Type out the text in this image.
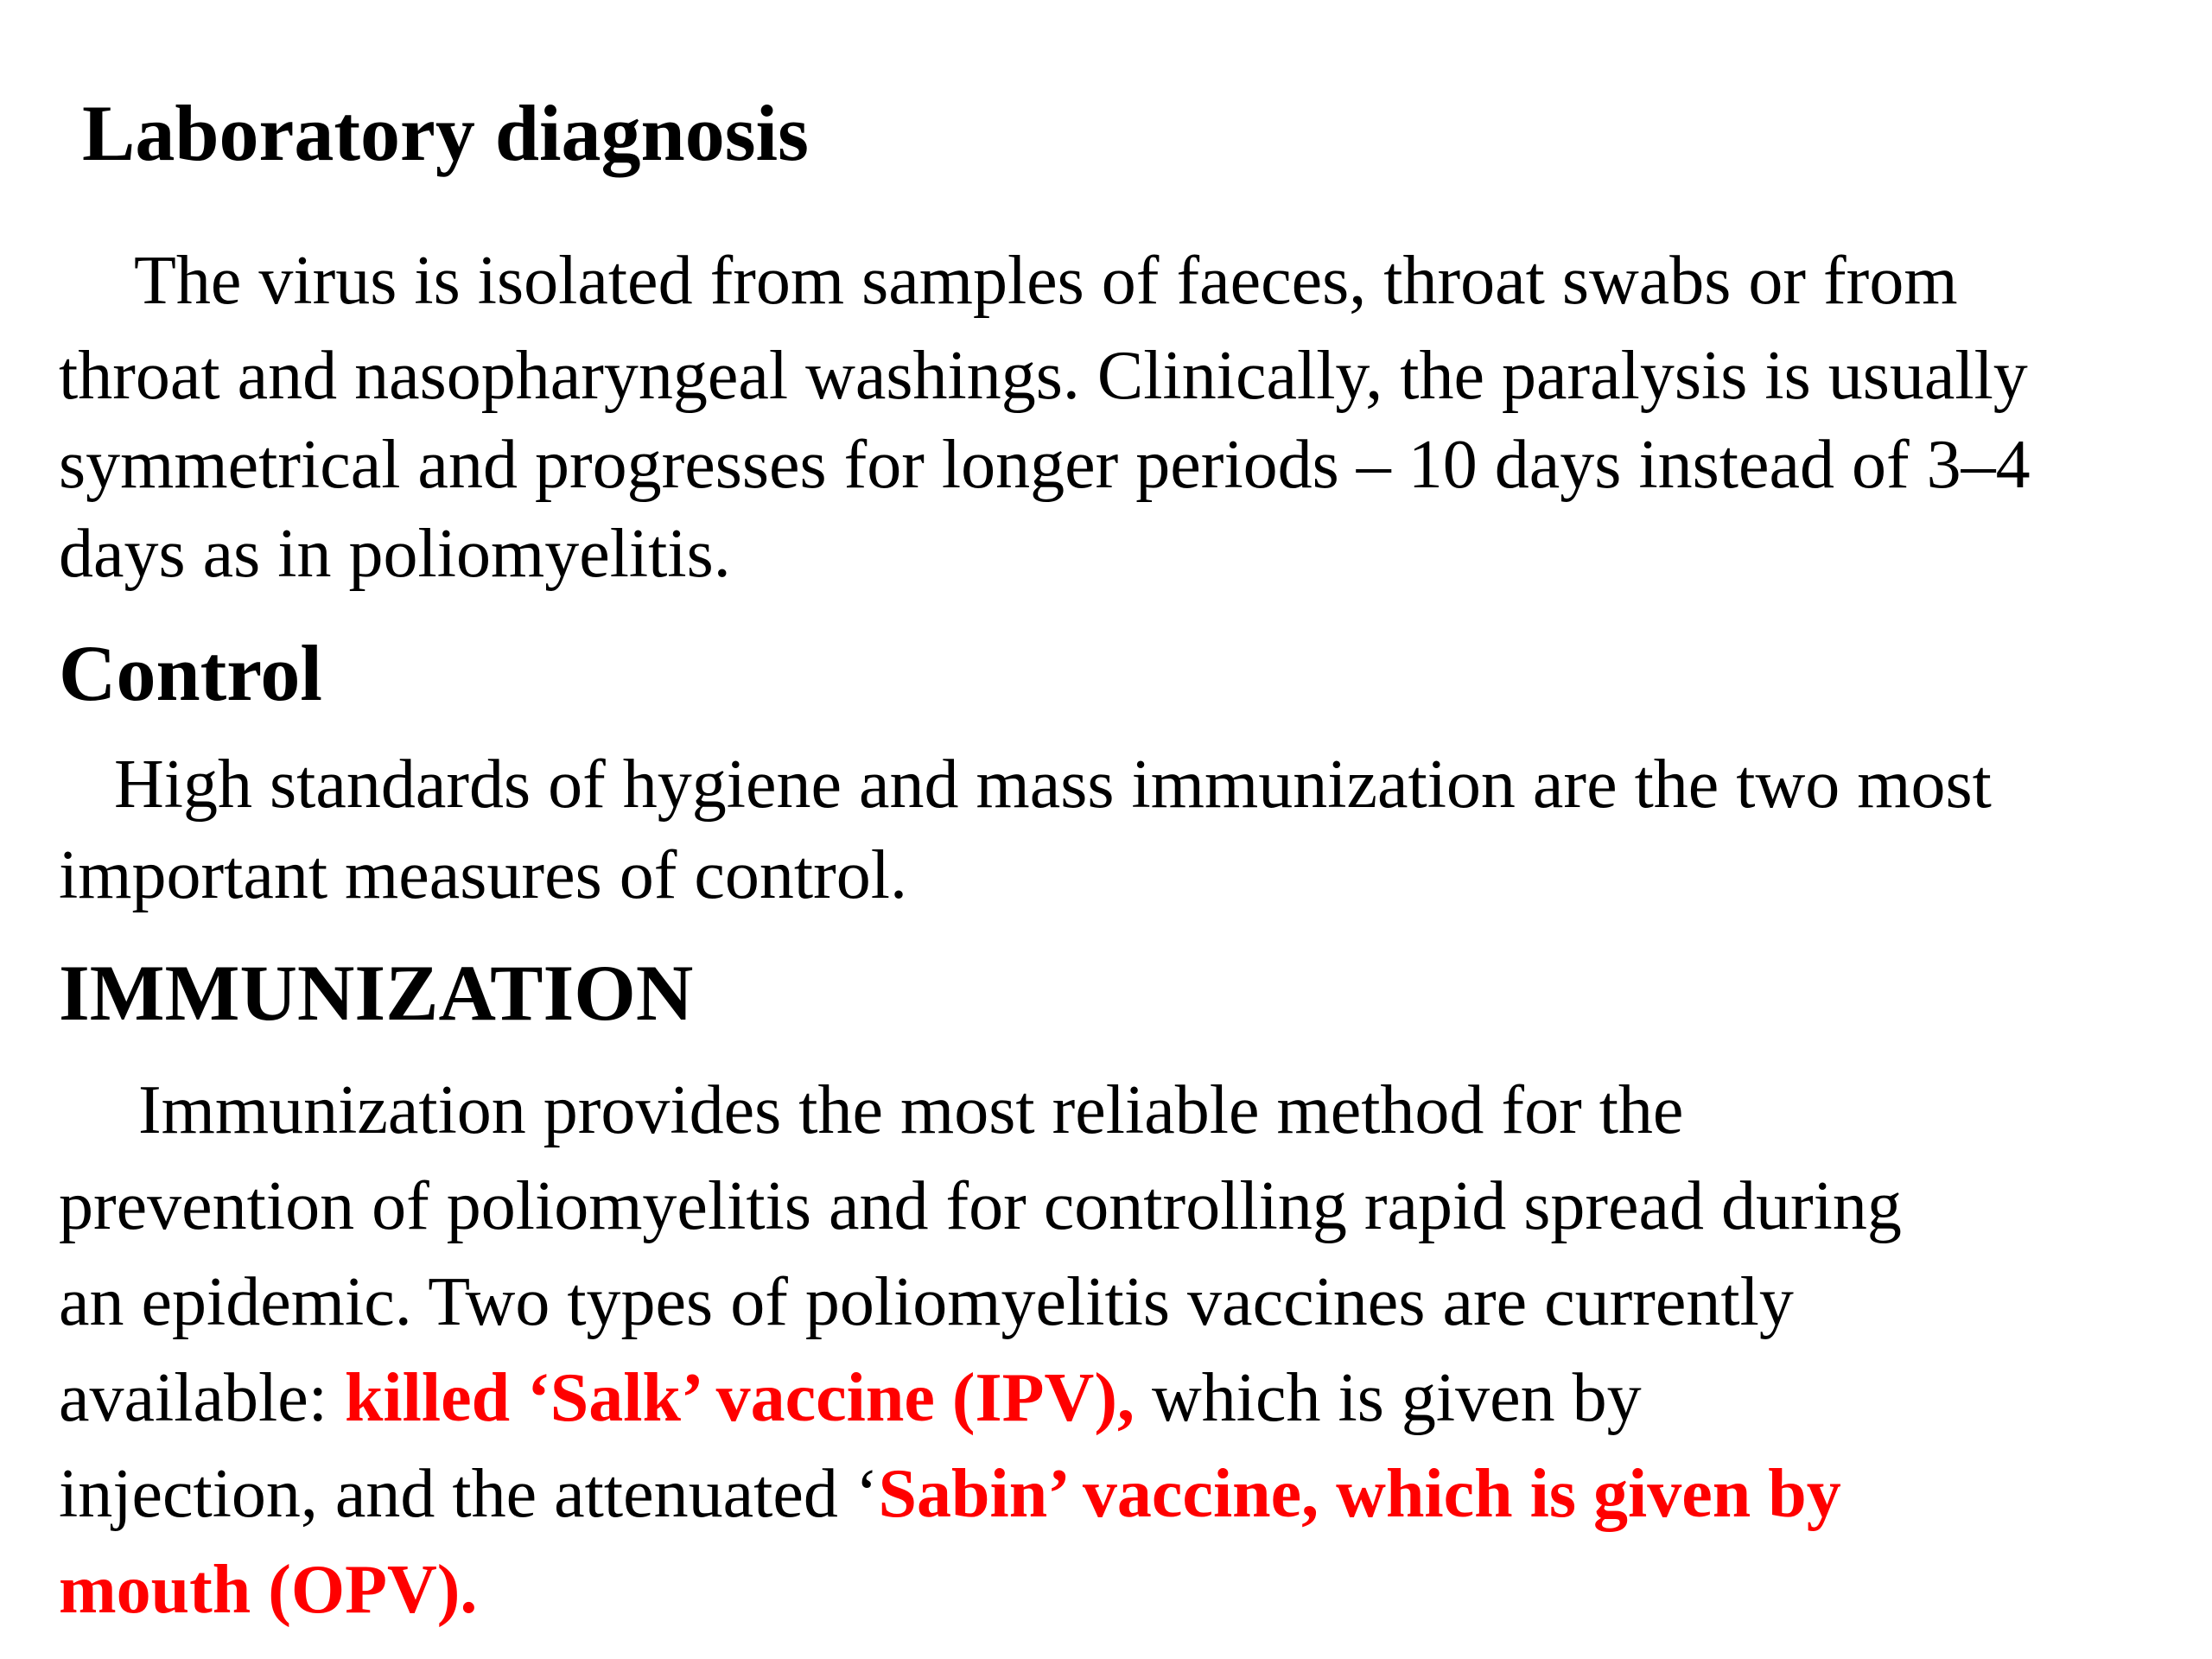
Laboratory diagnosis

The virus is isolated from samples of faeces, throat swabs or from

throat and nasopharyngeal washings. Clinically, the paralysis is usually

symmetrical and progresses for longer periods – 10 days instead of 3–4

days as in poliomyelitis.

Control

High standards of hygiene and mass immunization are the two most

important measures of control.

IMMUNIZATION

Immunization provides the most reliable method for the

prevention of poliomyelitis and for controlling rapid spread during

an epidemic. Two types of poliomyelitis vaccines are currently

available: killed ‘Salk’ vaccine (IPV), which is given by

injection, and the attenuated ‘Sabin’ vaccine, which is given by

mouth (OPV).
